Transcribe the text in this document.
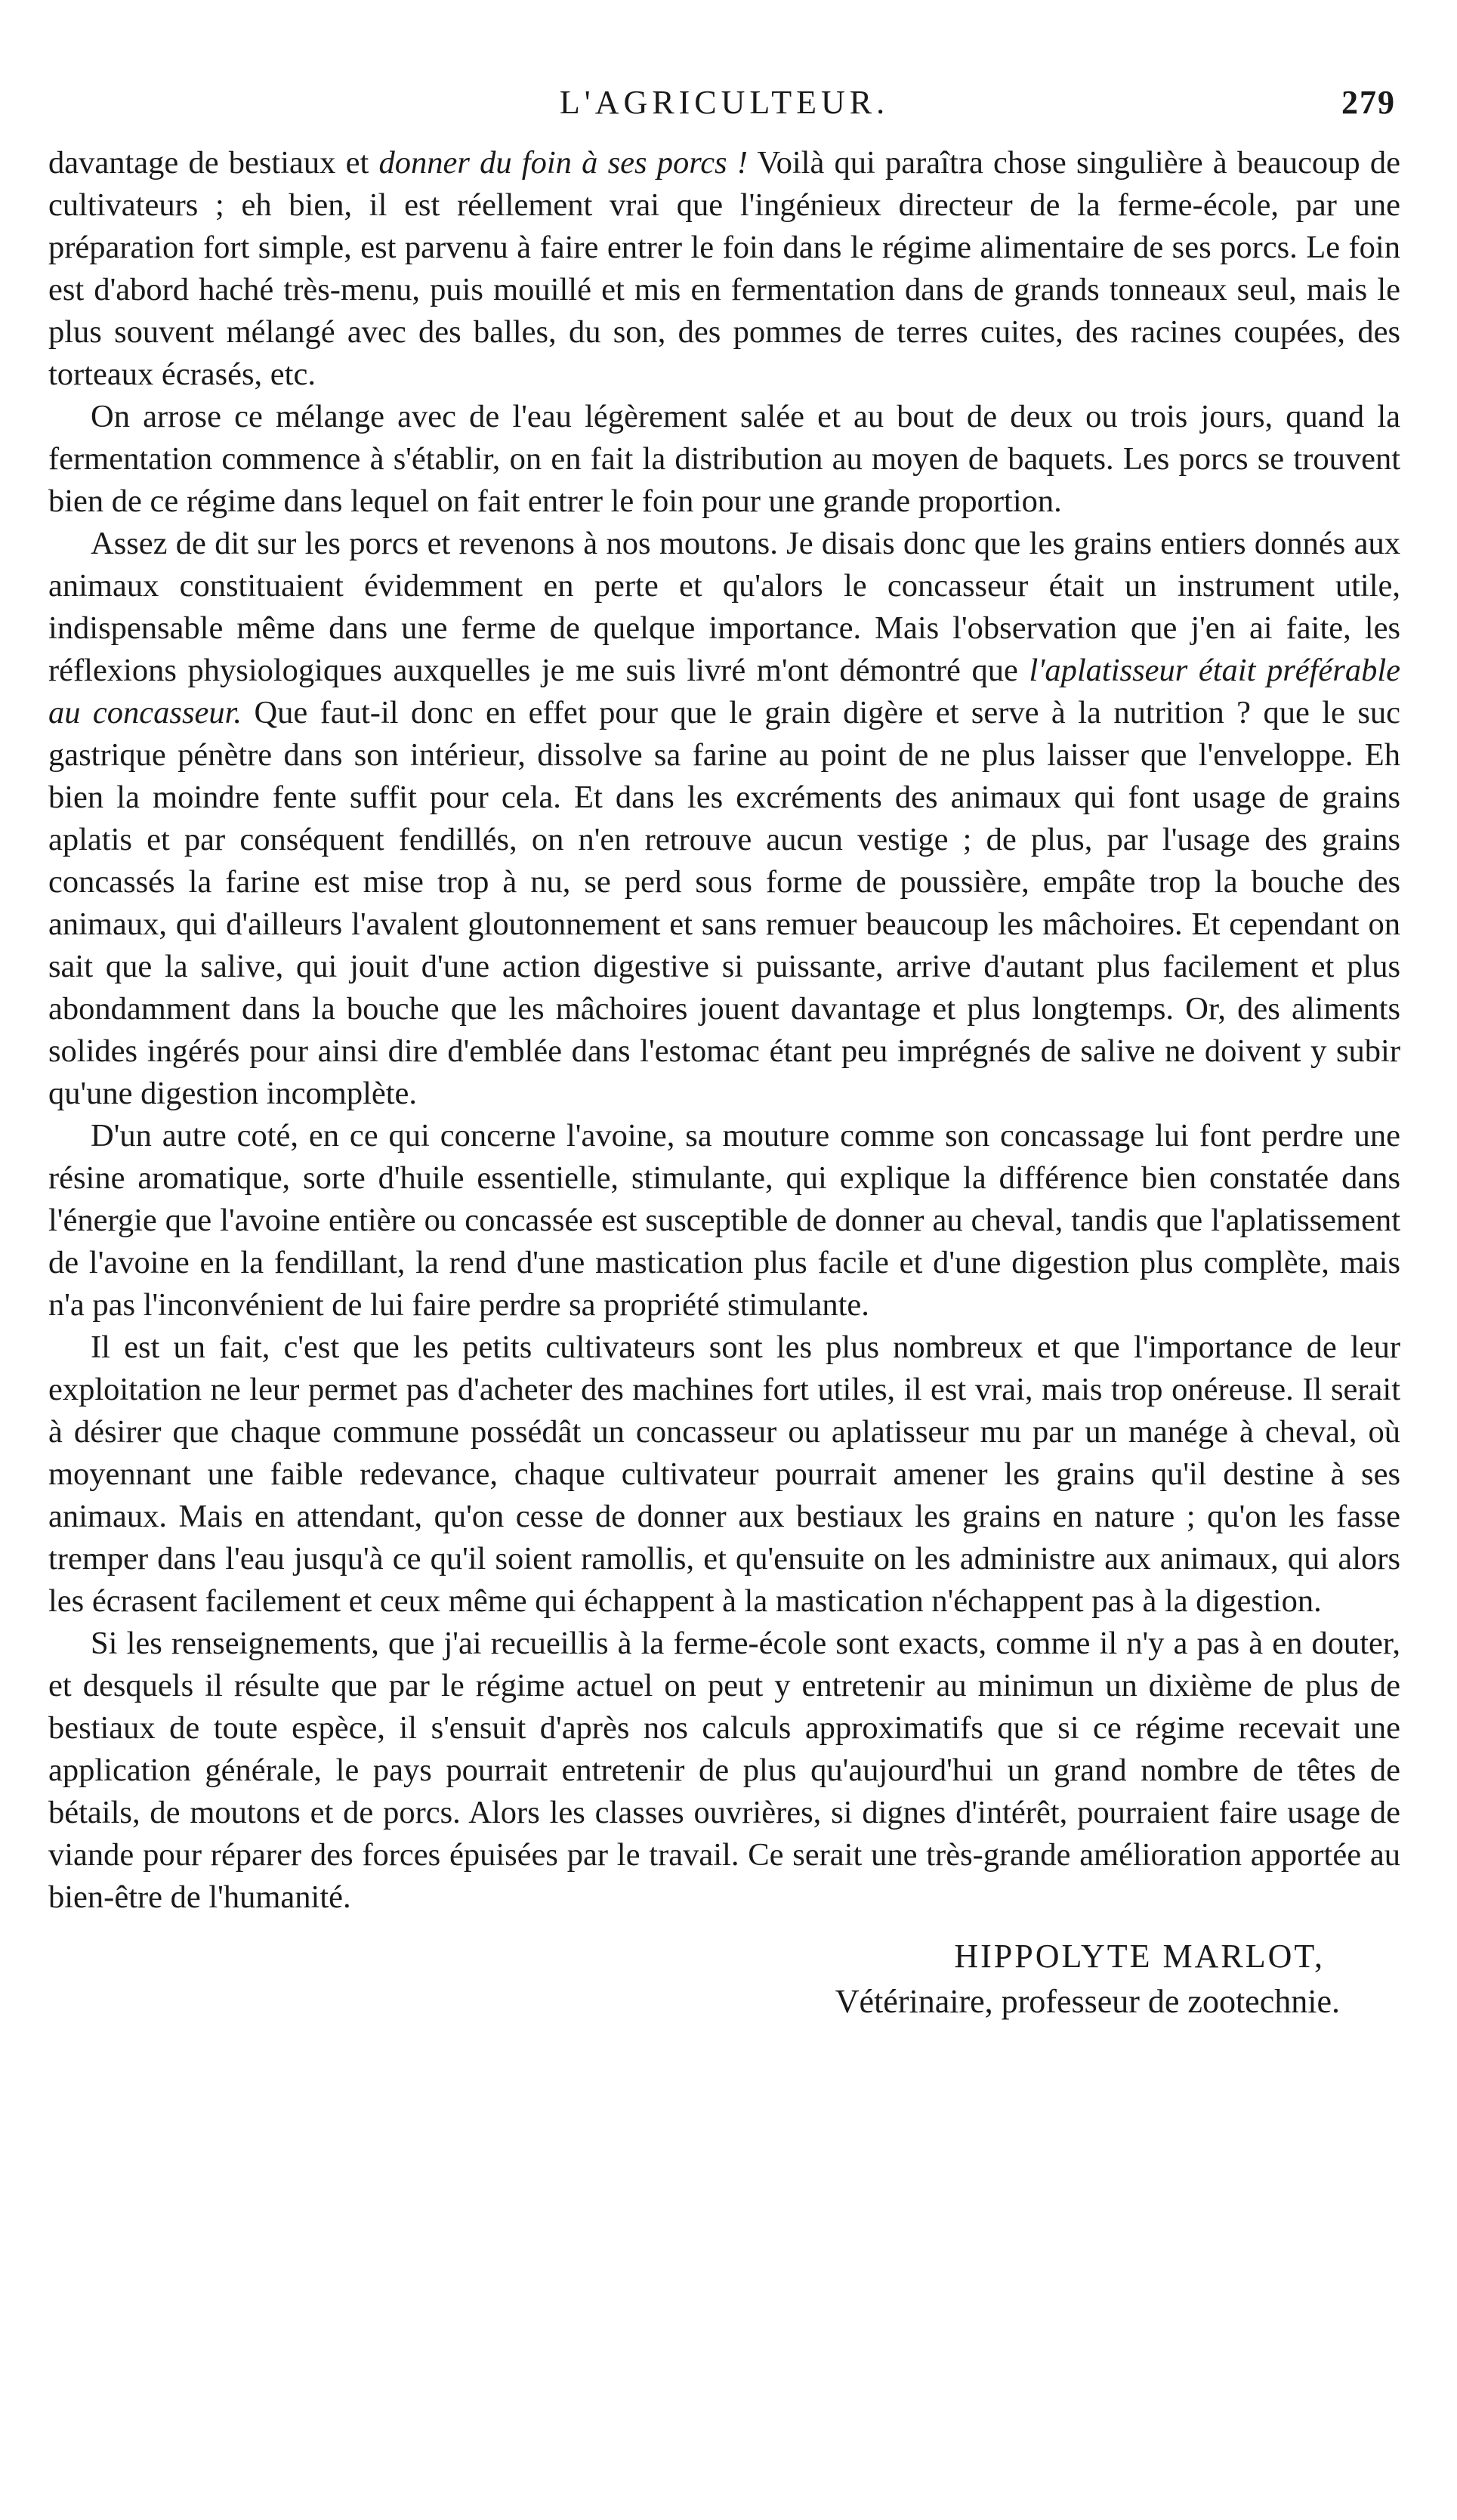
L'AGRICULTEUR.	279

davantage de bestiaux et donner du foin à ses porcs ! Voilà qui paraîtra chose singulière à beaucoup de cultivateurs ; eh bien, il est réellement vrai que l'ingénieux directeur de la ferme-école, par une préparation fort simple, est parvenu à faire entrer le foin dans le régime alimentaire de ses porcs. Le foin est d'abord haché très-menu, puis mouillé et mis en fermentation dans de grands tonneaux seul, mais le plus souvent mélangé avec des balles, du son, des pommes de terres cuites, des racines coupées, des torteaux écrasés, etc.

On arrose ce mélange avec de l'eau légèrement salée et au bout de deux ou trois jours, quand la fermentation commence à s'établir, on en fait la distribution au moyen de baquets. Les porcs se trouvent bien de ce régime dans lequel on fait entrer le foin pour une grande proportion.

Assez de dit sur les porcs et revenons à nos moutons. Je disais donc que les grains entiers donnés aux animaux constituaient évidemment en perte et qu'alors le concasseur était un instrument utile, indispensable même dans une ferme de quelque importance. Mais l'observation que j'en ai faite, les réflexions physiologiques auxquelles je me suis livré m'ont démontré que l'aplatisseur était préférable au concasseur. Que faut-il donc en effet pour que le grain digère et serve à la nutrition ? que le suc gastrique pénètre dans son intérieur, dissolve sa farine au point de ne plus laisser que l'enveloppe. Eh bien la moindre fente suffit pour cela. Et dans les excréments des animaux qui font usage de grains aplatis et par conséquent fendillés, on n'en retrouve aucun vestige ; de plus, par l'usage des grains concassés la farine est mise trop à nu, se perd sous forme de poussière, empâte trop la bouche des animaux, qui d'ailleurs l'avalent gloutonnement et sans remuer beaucoup les mâchoires. Et cependant on sait que la salive, qui jouit d'une action digestive si puissante, arrive d'autant plus facilement et plus abondamment dans la bouche que les mâchoires jouent davantage et plus longtemps. Or, des aliments solides ingérés pour ainsi dire d'emblée dans l'estomac étant peu imprégnés de salive ne doivent y subir qu'une digestion incomplète.

D'un autre coté, en ce qui concerne l'avoine, sa mouture comme son concassage lui font perdre une résine aromatique, sorte d'huile essentielle, stimulante, qui explique la différence bien constatée dans l'énergie que l'avoine entière ou concassée est susceptible de donner au cheval, tandis que l'aplatissement de l'avoine en la fendillant, la rend d'une mastication plus facile et d'une digestion plus complète, mais n'a pas l'inconvénient de lui faire perdre sa propriété stimulante.

Il est un fait, c'est que les petits cultivateurs sont les plus nombreux et que l'importance de leur exploitation ne leur permet pas d'acheter des machines fort utiles, il est vrai, mais trop onéreuse. Il serait à désirer que chaque commune possédât un concasseur ou aplatisseur mu par un manége à cheval, où moyennant une faible redevance, chaque cultivateur pourrait amener les grains qu'il destine à ses animaux. Mais en attendant, qu'on cesse de donner aux bestiaux les grains en nature ; qu'on les fasse tremper dans l'eau jusqu'à ce qu'il soient ramollis, et qu'ensuite on les administre aux animaux, qui alors les écrasent facilement et ceux même qui échappent à la mastication n'échappent pas à la digestion.

Si les renseignements, que j'ai recueillis à la ferme-école sont exacts, comme il n'y a pas à en douter, et desquels il résulte que par le régime actuel on peut y entretenir au minimun un dixième de plus de bestiaux de toute espèce, il s'ensuit d'après nos calculs approximatifs que si ce régime recevait une application générale, le pays pourrait entretenir de plus qu'aujourd'hui un grand nombre de têtes de bétails, de moutons et de porcs. Alors les classes ouvrières, si dignes d'intérêt, pourraient faire usage de viande pour réparer des forces épuisées par le travail. Ce serait une très-grande amélioration apportée au bien-être de l'humanité.

HIPPOLYTE MARLOT,
Vétérinaire, professeur de zootechnie.
